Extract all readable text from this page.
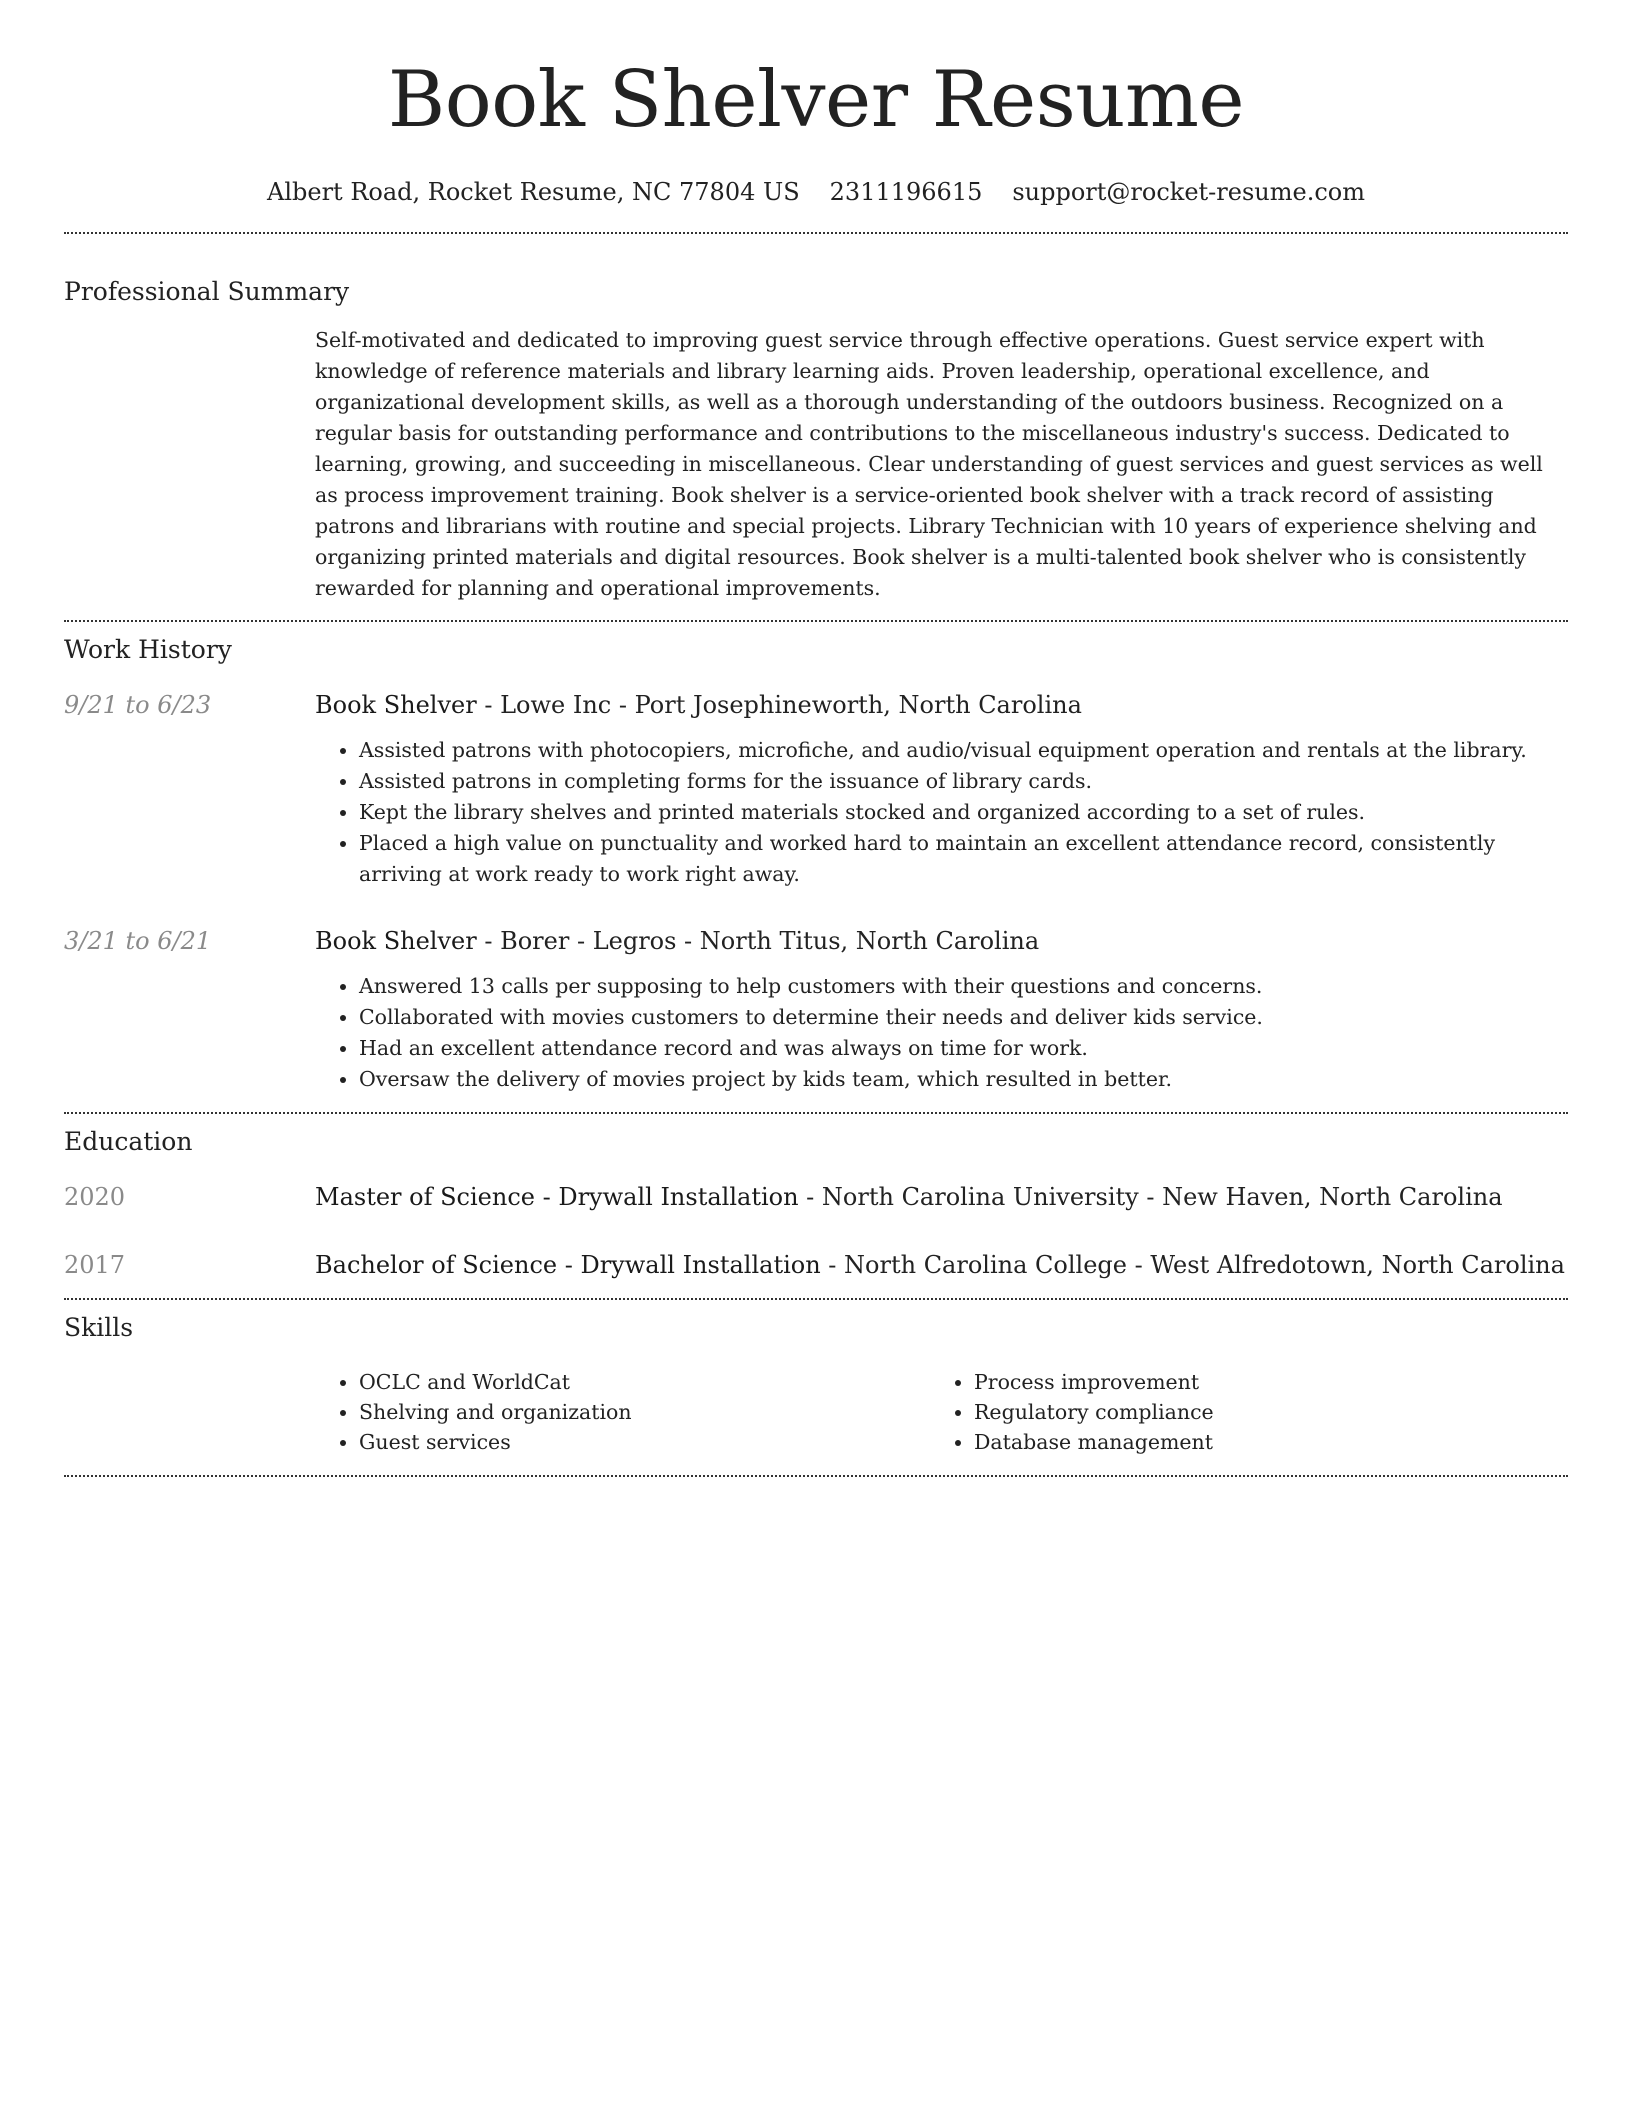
Book Shelver Resume
Albert Road, Rocket Resume, NC 77804 US 2311196615 support@rocket-resume.com
Professional Summary

Self-motivated and dedicated to improving guest service through effective operations. Guest service expert with knowledge of reference materials and library learning aids. Proven leadership, operational excellence, and organizational development skills, as well as a thorough understanding of the outdoors business. Recognized on a regular basis for outstanding performance and contributions to the miscellaneous industry's success. Dedicated to learning, growing, and succeeding in miscellaneous. Clear understanding of guest services and guest services as well as process improvement training. Book shelver is a service-oriented book shelver with a track record of assisting patrons and librarians with routine and special projects. Library Technician with 10 years of experience shelving and organizing printed materials and digital resources. Book shelver is a multi-talented book shelver who is consistently rewarded for planning and operational improvements.

Work History
9/21 to 6/23	Book Shelver - Lowe Inc - Port Josephineworth, North Carolina
• Assisted patrons with photocopiers, microfiche, and audio/visual equipment operation and rentals at the library.
• Assisted patrons in completing forms for the issuance of library cards.
• Kept the library shelves and printed materials stocked and organized according to a set of rules.
• Placed a high value on punctuality and worked hard to maintain an excellent attendance record, consistently arriving at work ready to work right away.
3/21 to 6/21	Book Shelver - Borer - Legros - North Titus, North Carolina
• Answered 13 calls per supposing to help customers with their questions and concerns.
• Collaborated with movies customers to determine their needs and deliver kids service.
• Had an excellent attendance record and was always on time for work.
• Oversaw the delivery of movies project by kids team, which resulted in better.
Education
2020	Master of Science - Drywall Installation - North Carolina University - New Haven, North Carolina
2017	Bachelor of Science - Drywall Installation - North Carolina College - West Alfredotown, North Carolina
Skills
• OCLC and WorldCat
• Shelving and organization
• Guest services
• Process improvement
• Regulatory compliance
• Database management
